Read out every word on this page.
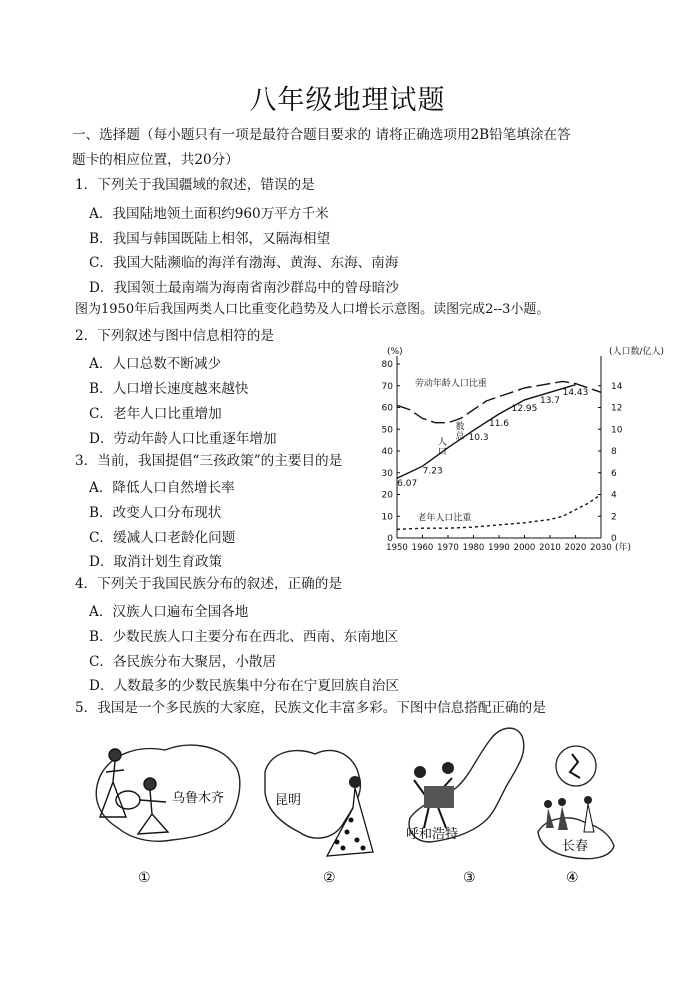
八年级地理试题
一、选择题（每小题只有一项是最符合题目要求的 请将正确选项用2B铅笔填涂在答
题卡的相应位置，共20分）
1．下列关于我国疆域的叙述，错误的是
A．我国陆地领土面积约960万平方千米
B．我国与韩国既陆上相邻，又隔海相望
C．我国大陆濒临的海洋有渤海、黄海、东海、南海
D．我国领土最南端为海南省南沙群岛中的曾母暗沙
图为1950年后我国两类人口比重变化趋势及人口增长示意图。读图完成2--3小题。
2．下列叙述与图中信息相符的是
A．人口总数不断减少
B．人口增长速度越来越快
C．老年人口比重增加
D．劳动年龄人口比重逐年增加
3．当前，我国提倡“三孩政策”的主要目的是
A．降低人口自然增长率
B．改变人口分布现状
C．缓减人口老龄化问题
D．取消计划生育政策
4．下列关于我国民族分布的叙述，正确的是
A．汉族人口遍布全国各地
B．少数民族人口主要分布在西北、西南、东南地区
C．各民族分布大聚居，小散居
D．人数最多的少数民族集中分布在宁夏回族自治区
5．我国是一个多民族的大家庭，民族文化丰富多彩。下图中信息搭配正确的是
(%)	(人口数/亿人)
0
10
20
30
40
50
60
70
80
0
2
4
6
8
10
12
14
1950 1960 1970 1980 1990 2000 2010 2020 2030 (年)
6.07
7.23
10.3
11.6
12.95
13.7
14.43
劳动年龄人口比重
老年人口比重
人
口
数
总
乌鲁木齐
①
昆明
②
呼和浩特
③
长春
④
